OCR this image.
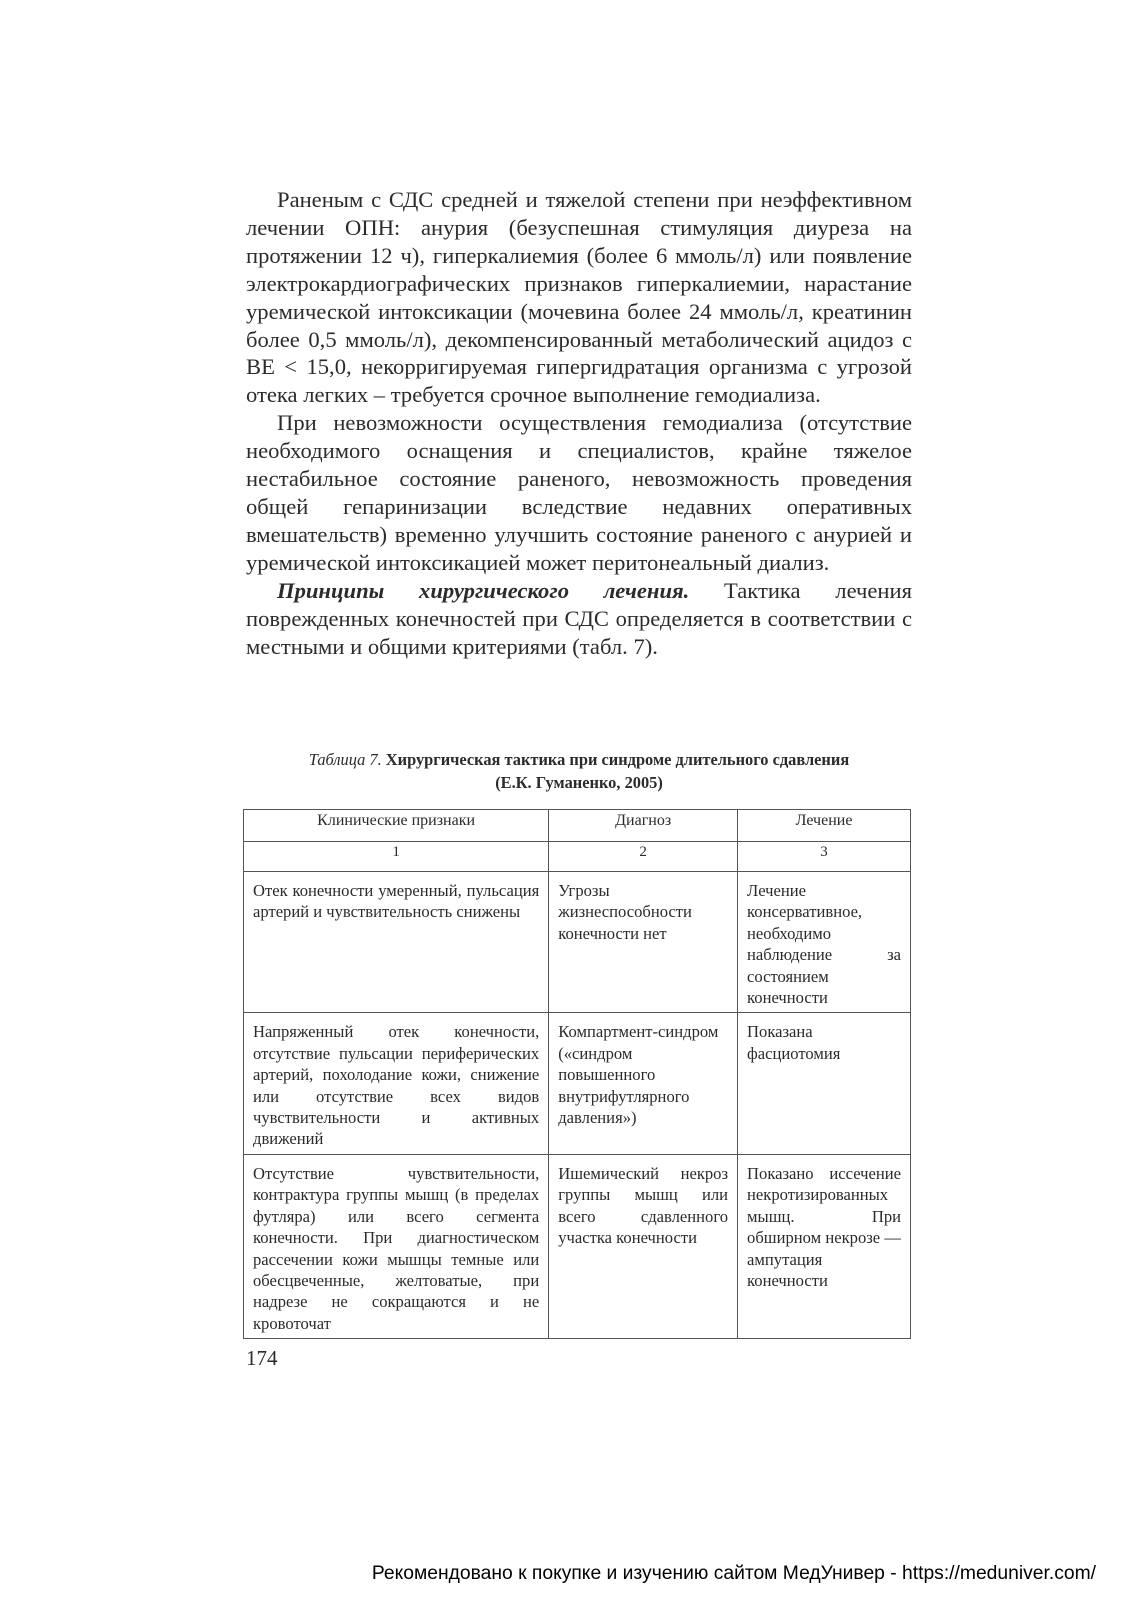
Раненым с СДС средней и тяжелой степени при неэффективном лечении ОПН: анурия (безуспешная стимуляция диуреза на протяжении 12 ч), гиперкалиемия (более 6 ммоль/л) или появление электрокардиографических признаков гиперкалиемии, нарастание уремической интоксикации (мочевина более 24 ммоль/л, креатинин более 0,5 ммоль/л), декомпенсированный метаболический ацидоз с BE < 15,0, некорригируемая гипергидратация организма с угрозой отека легких – требуется срочное выполнение гемодиализа.

При невозможности осуществления гемодиализа (отсутствие необходимого оснащения и специалистов, крайне тяжелое нестабильное состояние раненого, невозможность проведения общей гепаринизации вследствие недавних оперативных вмешательств) временно улучшить состояние раненого с анурией и уремической интоксикацией может перитонеальный диализ.

Принципы хирургического лечения. Тактика лечения поврежденных конечностей при СДС определяется в соответствии с местными и общими критериями (табл. 7).

Таблица 7. Хирургическая тактика при синдроме длительного сдавления
(Е.К. Гуманенко, 2005)
Клинические признаки	Диагноз	Лечение
1	2	3
Отек конечности умеренный, пульсация артерий и чувствительность снижены	Угрозы жизнеспособности конечности нет	Лечение консервативное, необходимо наблюдение за состоянием конечности
Напряженный отек конечности, отсутствие пульсации периферических артерий, похолодание кожи, снижение или отсутствие всех видов чувствительности и активных движений	Компартмент-синдром («синдром повышенного внутрифутлярного давления»)	Показана фасциотомия
Отсутствие чувствительности, контрактура группы мышц (в пределах футляра) или всего сегмента конечности. При диагностическом рассечении кожи мышцы темные или обесцвеченные, желтоватые, при надрезе не сокращаются и не кровоточат	Ишемический некроз группы мышц или всего сдавленного участка конечности	Показано иссечение некротизированных мышц. При обширном некрозе — ампутация конечности
174
Рекомендовано к покупке и изучению сайтом МедУнивер - https://meduniver.com/
